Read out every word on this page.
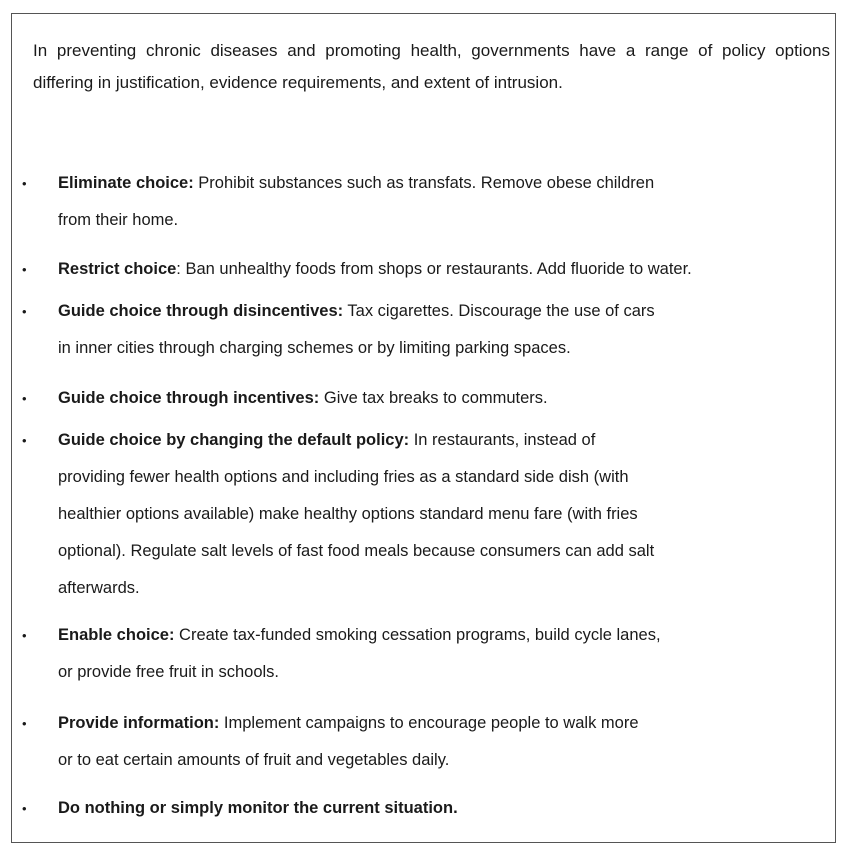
In preventing chronic diseases and promoting health, governments have a range of policy options differing in justification, evidence requirements, and extent of intrusion.

• Eliminate choice: Prohibit substances such as transfats. Remove obese children
from their home.
• Restrict choice: Ban unhealthy foods from shops or restaurants. Add fluoride to water.
• Guide choice through disincentives: Tax cigarettes. Discourage the use of cars
in inner cities through charging schemes or by limiting parking spaces.
• Guide choice through incentives: Give tax breaks to commuters.
• Guide choice by changing the default policy: In restaurants, instead of
providing fewer health options and including fries as a standard side dish (with
healthier options available) make healthy options standard menu fare (with fries
optional). Regulate salt levels of fast food meals because consumers can add salt
afterwards.
• Enable choice: Create tax-funded smoking cessation programs, build cycle lanes,
or provide free fruit in schools.
• Provide information: Implement campaigns to encourage people to walk more
or to eat certain amounts of fruit and vegetables daily.
• Do nothing or simply monitor the current situation.
